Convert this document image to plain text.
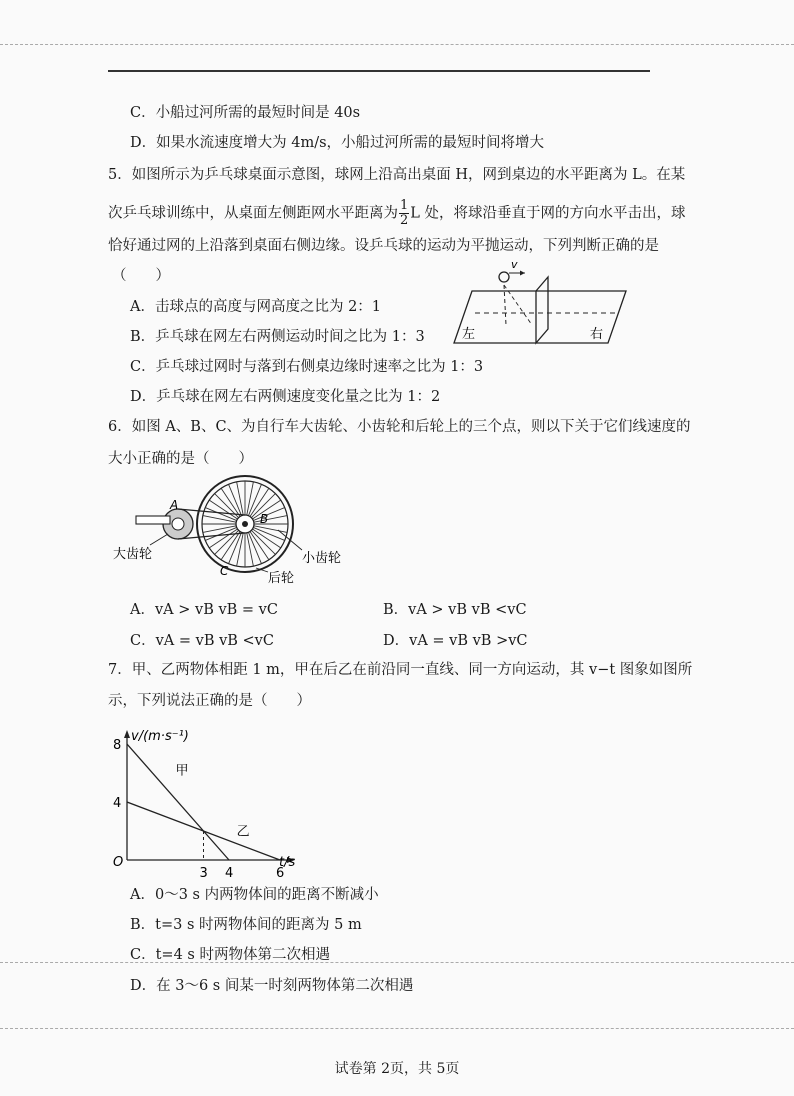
C．小船过河所需的最短时间是 40s
D．如果水流速度增大为 4m/s，小船过河所需的最短时间将增大
5．如图所示为乒乓球桌面示意图，球网上沿高出桌面 H，网到桌边的水平距离为 L。在某
次乒乓球训练中，从桌面左侧距网水平距离为 $\frac{1}{2}$ L 处，将球沿垂直于网的方向水平击出，球
恰好通过网的上沿落到桌面右侧边缘。设乒乓球的运动为平抛运动，下列判断正确的是
（　　）
A．击球点的高度与网高度之比为 2：1
B．乒乓球在网左右两侧运动时间之比为 1：3
C．乒乓球过网时与落到右侧桌边缘时速率之比为 1：3
D．乒乓球在网左右两侧速度变化量之比为 1：2
v
左	右
6．如图 A、B、C、为自行车大齿轮、小齿轮和后轮上的三个点，则以下关于它们线速度的
大小正确的是（　　）
A
B
C
大齿轮	小齿轮
后轮
A．vA > vB vB = vC	B．vA > vB vB <vC
C．vA = vB vB <vC	D．vA = vB vB >vC
7．甲、乙两物体相距 1 m，甲在后乙在前沿同一直线、同一方向运动，其 v−t 图象如图所
示，下列说法正确的是（　　）
v/(m·s⁻¹)
t/s
O
甲
乙
4
8
3 4	6
A．0～3 s 内两物体间的距离不断减小
B．t=3 s 时两物体间的距离为 5 m
C．t=4 s 时两物体第二次相遇
D．在 3～6 s 间某一时刻两物体第二次相遇
试卷第 2页，共 5页
